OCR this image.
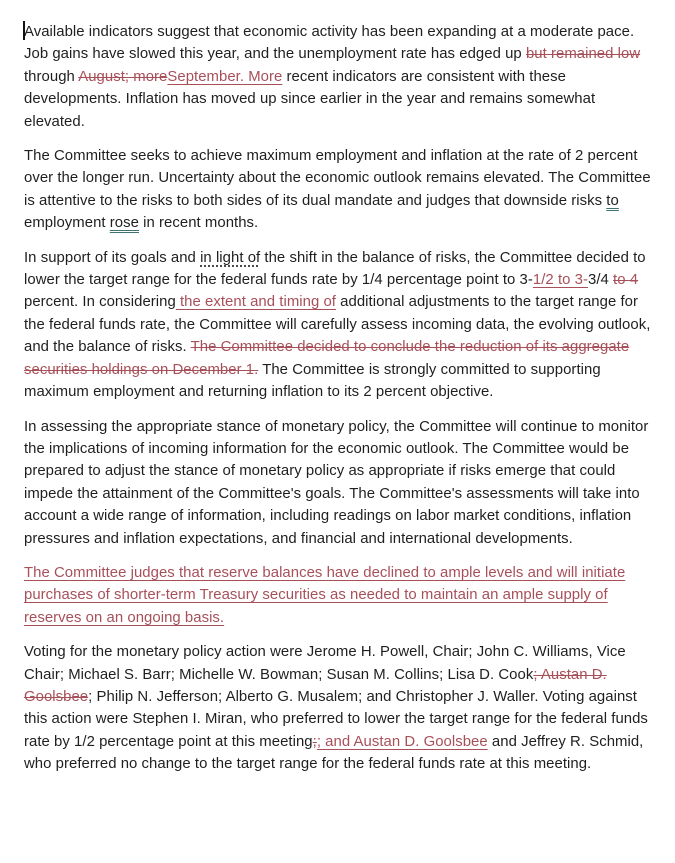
Available indicators suggest that economic activity has been expanding at a moderate pace. Job gains have slowed this year, and the unemployment rate has edged up but remained low through August; moreSeptember. More recent indicators are consistent with these developments. Inflation has moved up since earlier in the year and remains somewhat elevated.

The Committee seeks to achieve maximum employment and inflation at the rate of 2 percent over the longer run. Uncertainty about the economic outlook remains elevated. The Committee is attentive to the risks to both sides of its dual mandate and judges that downside risks to employment rose in recent months.

In support of its goals and in light of the shift in the balance of risks, the Committee decided to lower the target range for the federal funds rate by 1/4 percentage point to 3-1/2 to 3-3/4 to 4 percent. In considering the extent and timing of additional adjustments to the target range for the federal funds rate, the Committee will carefully assess incoming data, the evolving outlook, and the balance of risks. The Committee decided to conclude the reduction of its aggregate securities holdings on December 1. The Committee is strongly committed to supporting maximum employment and returning inflation to its 2 percent objective.

In assessing the appropriate stance of monetary policy, the Committee will continue to monitor the implications of incoming information for the economic outlook. The Committee would be prepared to adjust the stance of monetary policy as appropriate if risks emerge that could impede the attainment of the Committee's goals. The Committee's assessments will take into account a wide range of information, including readings on labor market conditions, inflation pressures and inflation expectations, and financial and international developments.

The Committee judges that reserve balances have declined to ample levels and will initiate purchases of shorter-term Treasury securities as needed to maintain an ample supply of reserves on an ongoing basis.

Voting for the monetary policy action were Jerome H. Powell, Chair; John C. Williams, Vice Chair; Michael S. Barr; Michelle W. Bowman; Susan M. Collins; Lisa D. Cook; Austan D. Goolsbee; Philip N. Jefferson; Alberto G. Musalem; and Christopher J. Waller. Voting against this action were Stephen I. Miran, who preferred to lower the target range for the federal funds rate by 1/2 percentage point at this meeting;; and Austan D. Goolsbee and Jeffrey R. Schmid, who preferred no change to the target range for the federal funds rate at this meeting.
